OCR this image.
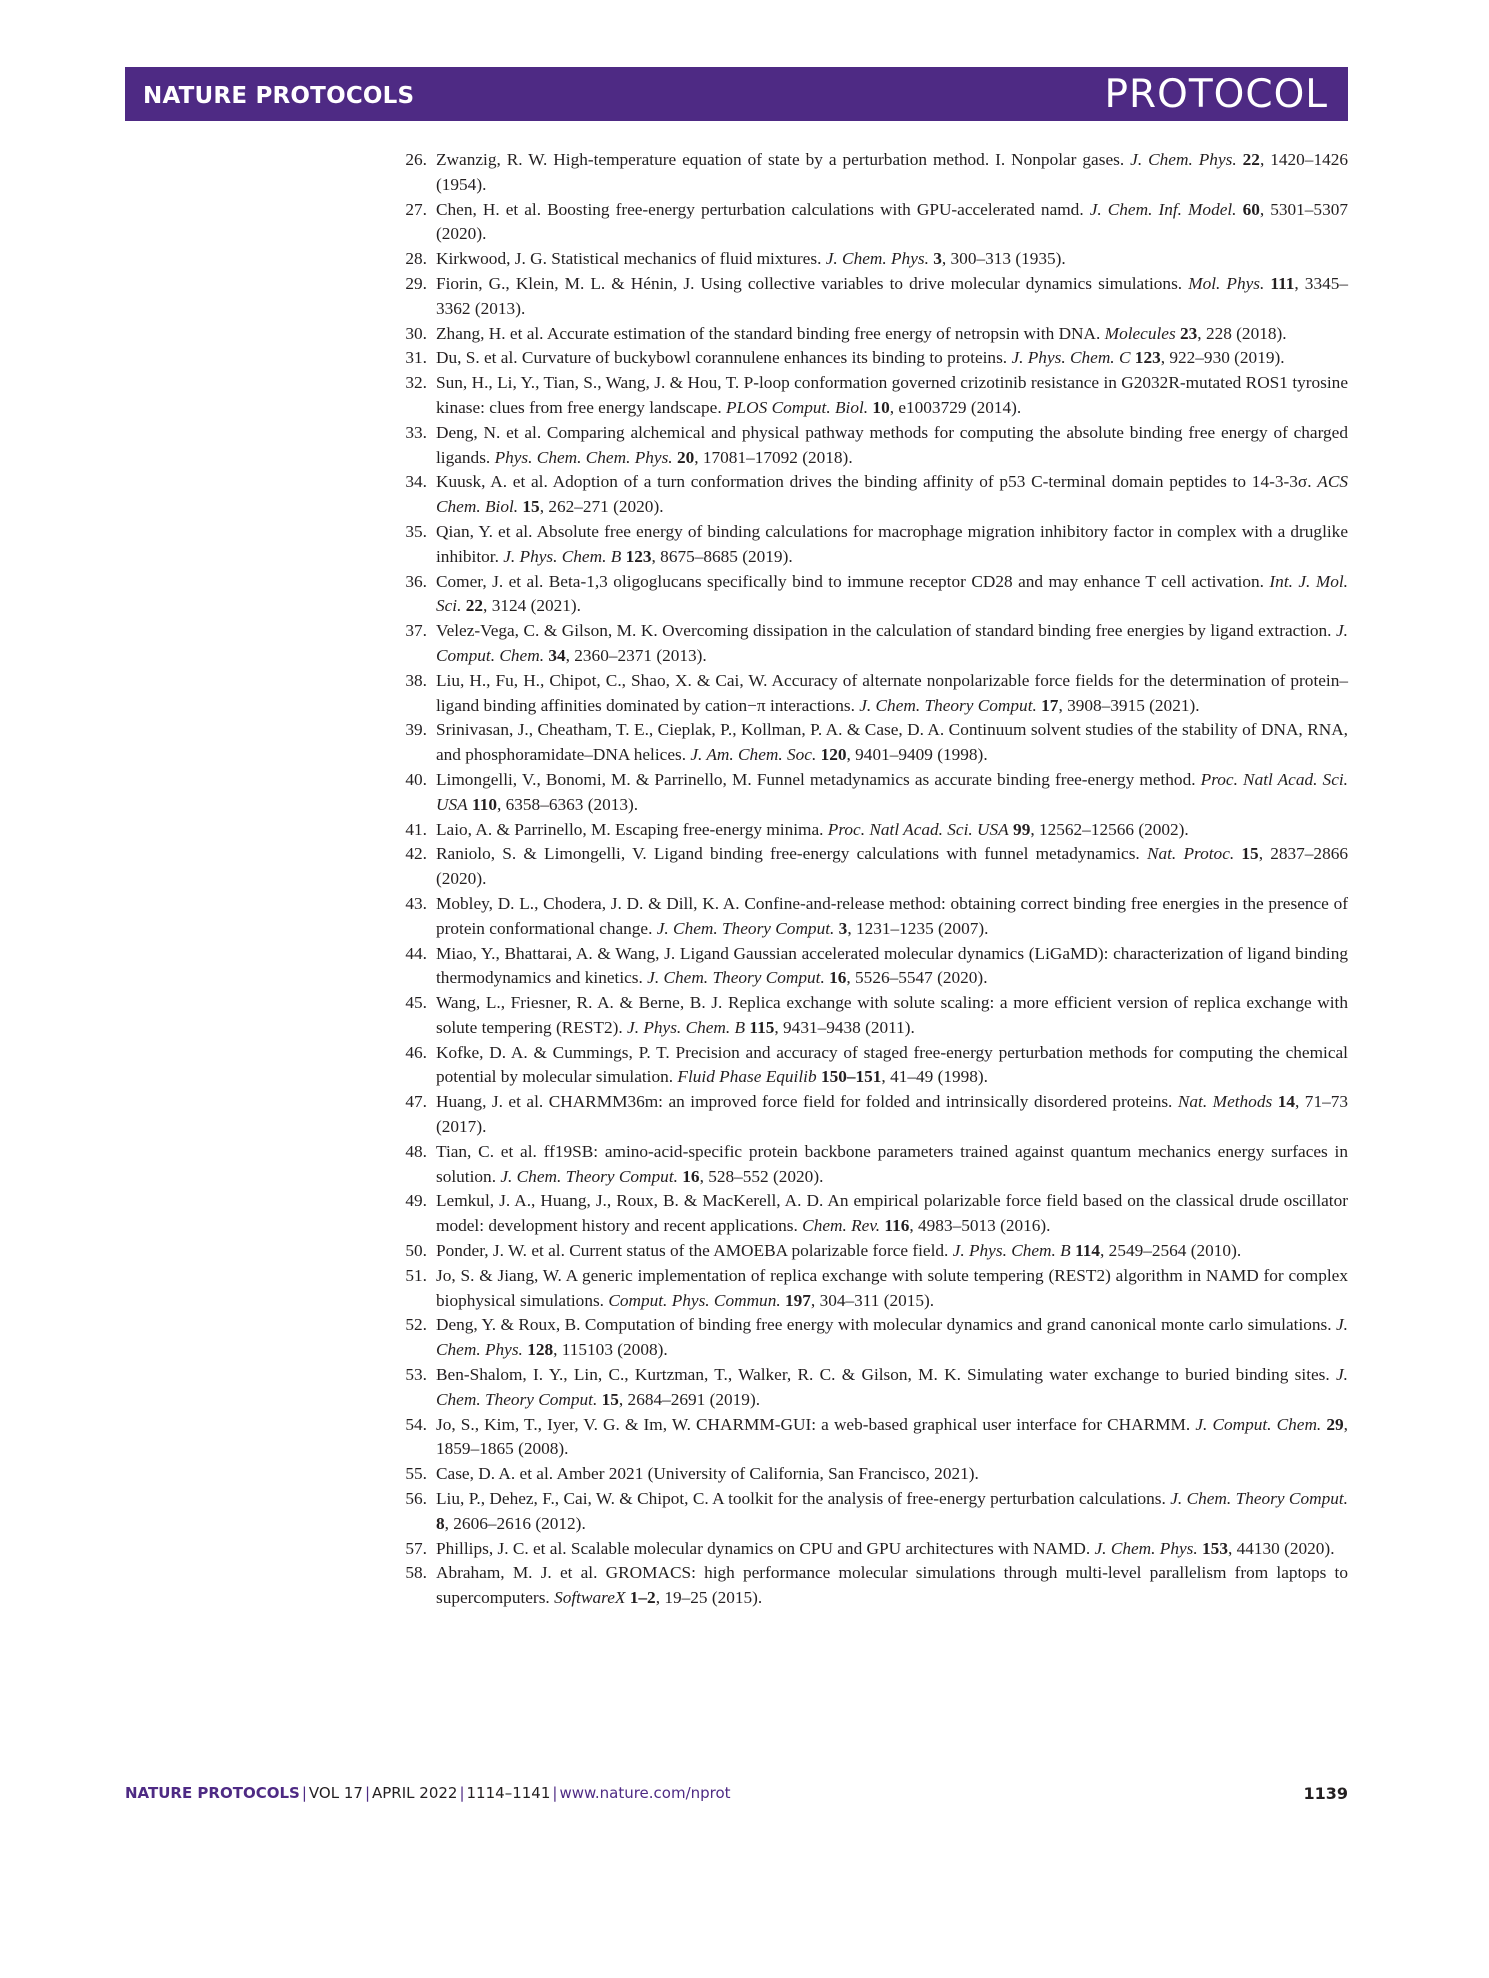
NATURE PROTOCOLS	PROTOCOL
26. Zwanzig, R. W. High-temperature equation of state by a perturbation method. I. Nonpolar gases. J. Chem. Phys. 22, 1420–1426 (1954).
27. Chen, H. et al. Boosting free-energy perturbation calculations with GPU-accelerated namd. J. Chem. Inf. Model. 60, 5301–5307 (2020).
28. Kirkwood, J. G. Statistical mechanics of fluid mixtures. J. Chem. Phys. 3, 300–313 (1935).
29. Fiorin, G., Klein, M. L. & Hénin, J. Using collective variables to drive molecular dynamics simulations. Mol. Phys. 111, 3345–3362 (2013).
30. Zhang, H. et al. Accurate estimation of the standard binding free energy of netropsin with DNA. Molecules 23, 228 (2018).
31. Du, S. et al. Curvature of buckybowl corannulene enhances its binding to proteins. J. Phys. Chem. C 123, 922–930 (2019).
32. Sun, H., Li, Y., Tian, S., Wang, J. & Hou, T. P-loop conformation governed crizotinib resistance in G2032R-mutated ROS1 tyrosine kinase: clues from free energy landscape. PLOS Comput. Biol. 10, e1003729 (2014).
33. Deng, N. et al. Comparing alchemical and physical pathway methods for computing the absolute binding free energy of charged ligands. Phys. Chem. Chem. Phys. 20, 17081–17092 (2018).
34. Kuusk, A. et al. Adoption of a turn conformation drives the binding affinity of p53 C-terminal domain peptides to 14-3-3σ. ACS Chem. Biol. 15, 262–271 (2020).
35. Qian, Y. et al. Absolute free energy of binding calculations for macrophage migration inhibitory factor in complex with a druglike inhibitor. J. Phys. Chem. B 123, 8675–8685 (2019).
36. Comer, J. et al. Beta-1,3 oligoglucans specifically bind to immune receptor CD28 and may enhance T cell activation. Int. J. Mol. Sci. 22, 3124 (2021).
37. Velez-Vega, C. & Gilson, M. K. Overcoming dissipation in the calculation of standard binding free energies by ligand extraction. J. Comput. Chem. 34, 2360–2371 (2013).
38. Liu, H., Fu, H., Chipot, C., Shao, X. & Cai, W. Accuracy of alternate nonpolarizable force fields for the determination of protein–ligand binding affinities dominated by cation−π interactions. J. Chem. Theory Comput. 17, 3908–3915 (2021).
39. Srinivasan, J., Cheatham, T. E., Cieplak, P., Kollman, P. A. & Case, D. A. Continuum solvent studies of the stability of DNA, RNA, and phosphoramidate–DNA helices. J. Am. Chem. Soc. 120, 9401–9409 (1998).
40. Limongelli, V., Bonomi, M. & Parrinello, M. Funnel metadynamics as accurate binding free-energy method. Proc. Natl Acad. Sci. USA 110, 6358–6363 (2013).
41. Laio, A. & Parrinello, M. Escaping free-energy minima. Proc. Natl Acad. Sci. USA 99, 12562–12566 (2002).
42. Raniolo, S. & Limongelli, V. Ligand binding free-energy calculations with funnel metadynamics. Nat. Protoc. 15, 2837–2866 (2020).
43. Mobley, D. L., Chodera, J. D. & Dill, K. A. Confine-and-release method: obtaining correct binding free energies in the presence of protein conformational change. J. Chem. Theory Comput. 3, 1231–1235 (2007).
44. Miao, Y., Bhattarai, A. & Wang, J. Ligand Gaussian accelerated molecular dynamics (LiGaMD): characterization of ligand binding thermodynamics and kinetics. J. Chem. Theory Comput. 16, 5526–5547 (2020).
45. Wang, L., Friesner, R. A. & Berne, B. J. Replica exchange with solute scaling: a more efficient version of replica exchange with solute tempering (REST2). J. Phys. Chem. B 115, 9431–9438 (2011).
46. Kofke, D. A. & Cummings, P. T. Precision and accuracy of staged free-energy perturbation methods for computing the chemical potential by molecular simulation. Fluid Phase Equilib 150–151, 41–49 (1998).
47. Huang, J. et al. CHARMM36m: an improved force field for folded and intrinsically disordered proteins. Nat. Methods 14, 71–73 (2017).
48. Tian, C. et al. ff19SB: amino-acid-specific protein backbone parameters trained against quantum mechanics energy surfaces in solution. J. Chem. Theory Comput. 16, 528–552 (2020).
49. Lemkul, J. A., Huang, J., Roux, B. & MacKerell, A. D. An empirical polarizable force field based on the classical drude oscillator model: development history and recent applications. Chem. Rev. 116, 4983–5013 (2016).
50. Ponder, J. W. et al. Current status of the AMOEBA polarizable force field. J. Phys. Chem. B 114, 2549–2564 (2010).
51. Jo, S. & Jiang, W. A generic implementation of replica exchange with solute tempering (REST2) algorithm in NAMD for complex biophysical simulations. Comput. Phys. Commun. 197, 304–311 (2015).
52. Deng, Y. & Roux, B. Computation of binding free energy with molecular dynamics and grand canonical monte carlo simulations. J. Chem. Phys. 128, 115103 (2008).
53. Ben-Shalom, I. Y., Lin, C., Kurtzman, T., Walker, R. C. & Gilson, M. K. Simulating water exchange to buried binding sites. J. Chem. Theory Comput. 15, 2684–2691 (2019).
54. Jo, S., Kim, T., Iyer, V. G. & Im, W. CHARMM-GUI: a web-based graphical user interface for CHARMM. J. Comput. Chem. 29, 1859–1865 (2008).
55. Case, D. A. et al. Amber 2021 (University of California, San Francisco, 2021).
56. Liu, P., Dehez, F., Cai, W. & Chipot, C. A toolkit for the analysis of free-energy perturbation calculations. J. Chem. Theory Comput. 8, 2606–2616 (2012).
57. Phillips, J. C. et al. Scalable molecular dynamics on CPU and GPU architectures with NAMD. J. Chem. Phys. 153, 44130 (2020).
58. Abraham, M. J. et al. GROMACS: high performance molecular simulations through multi-level parallelism from laptops to supercomputers. SoftwareX 1–2, 19–25 (2015).
NATURE PROTOCOLS | VOL 17 | APRIL 2022 | 1114–1141 | www.nature.com/nprot	1139
